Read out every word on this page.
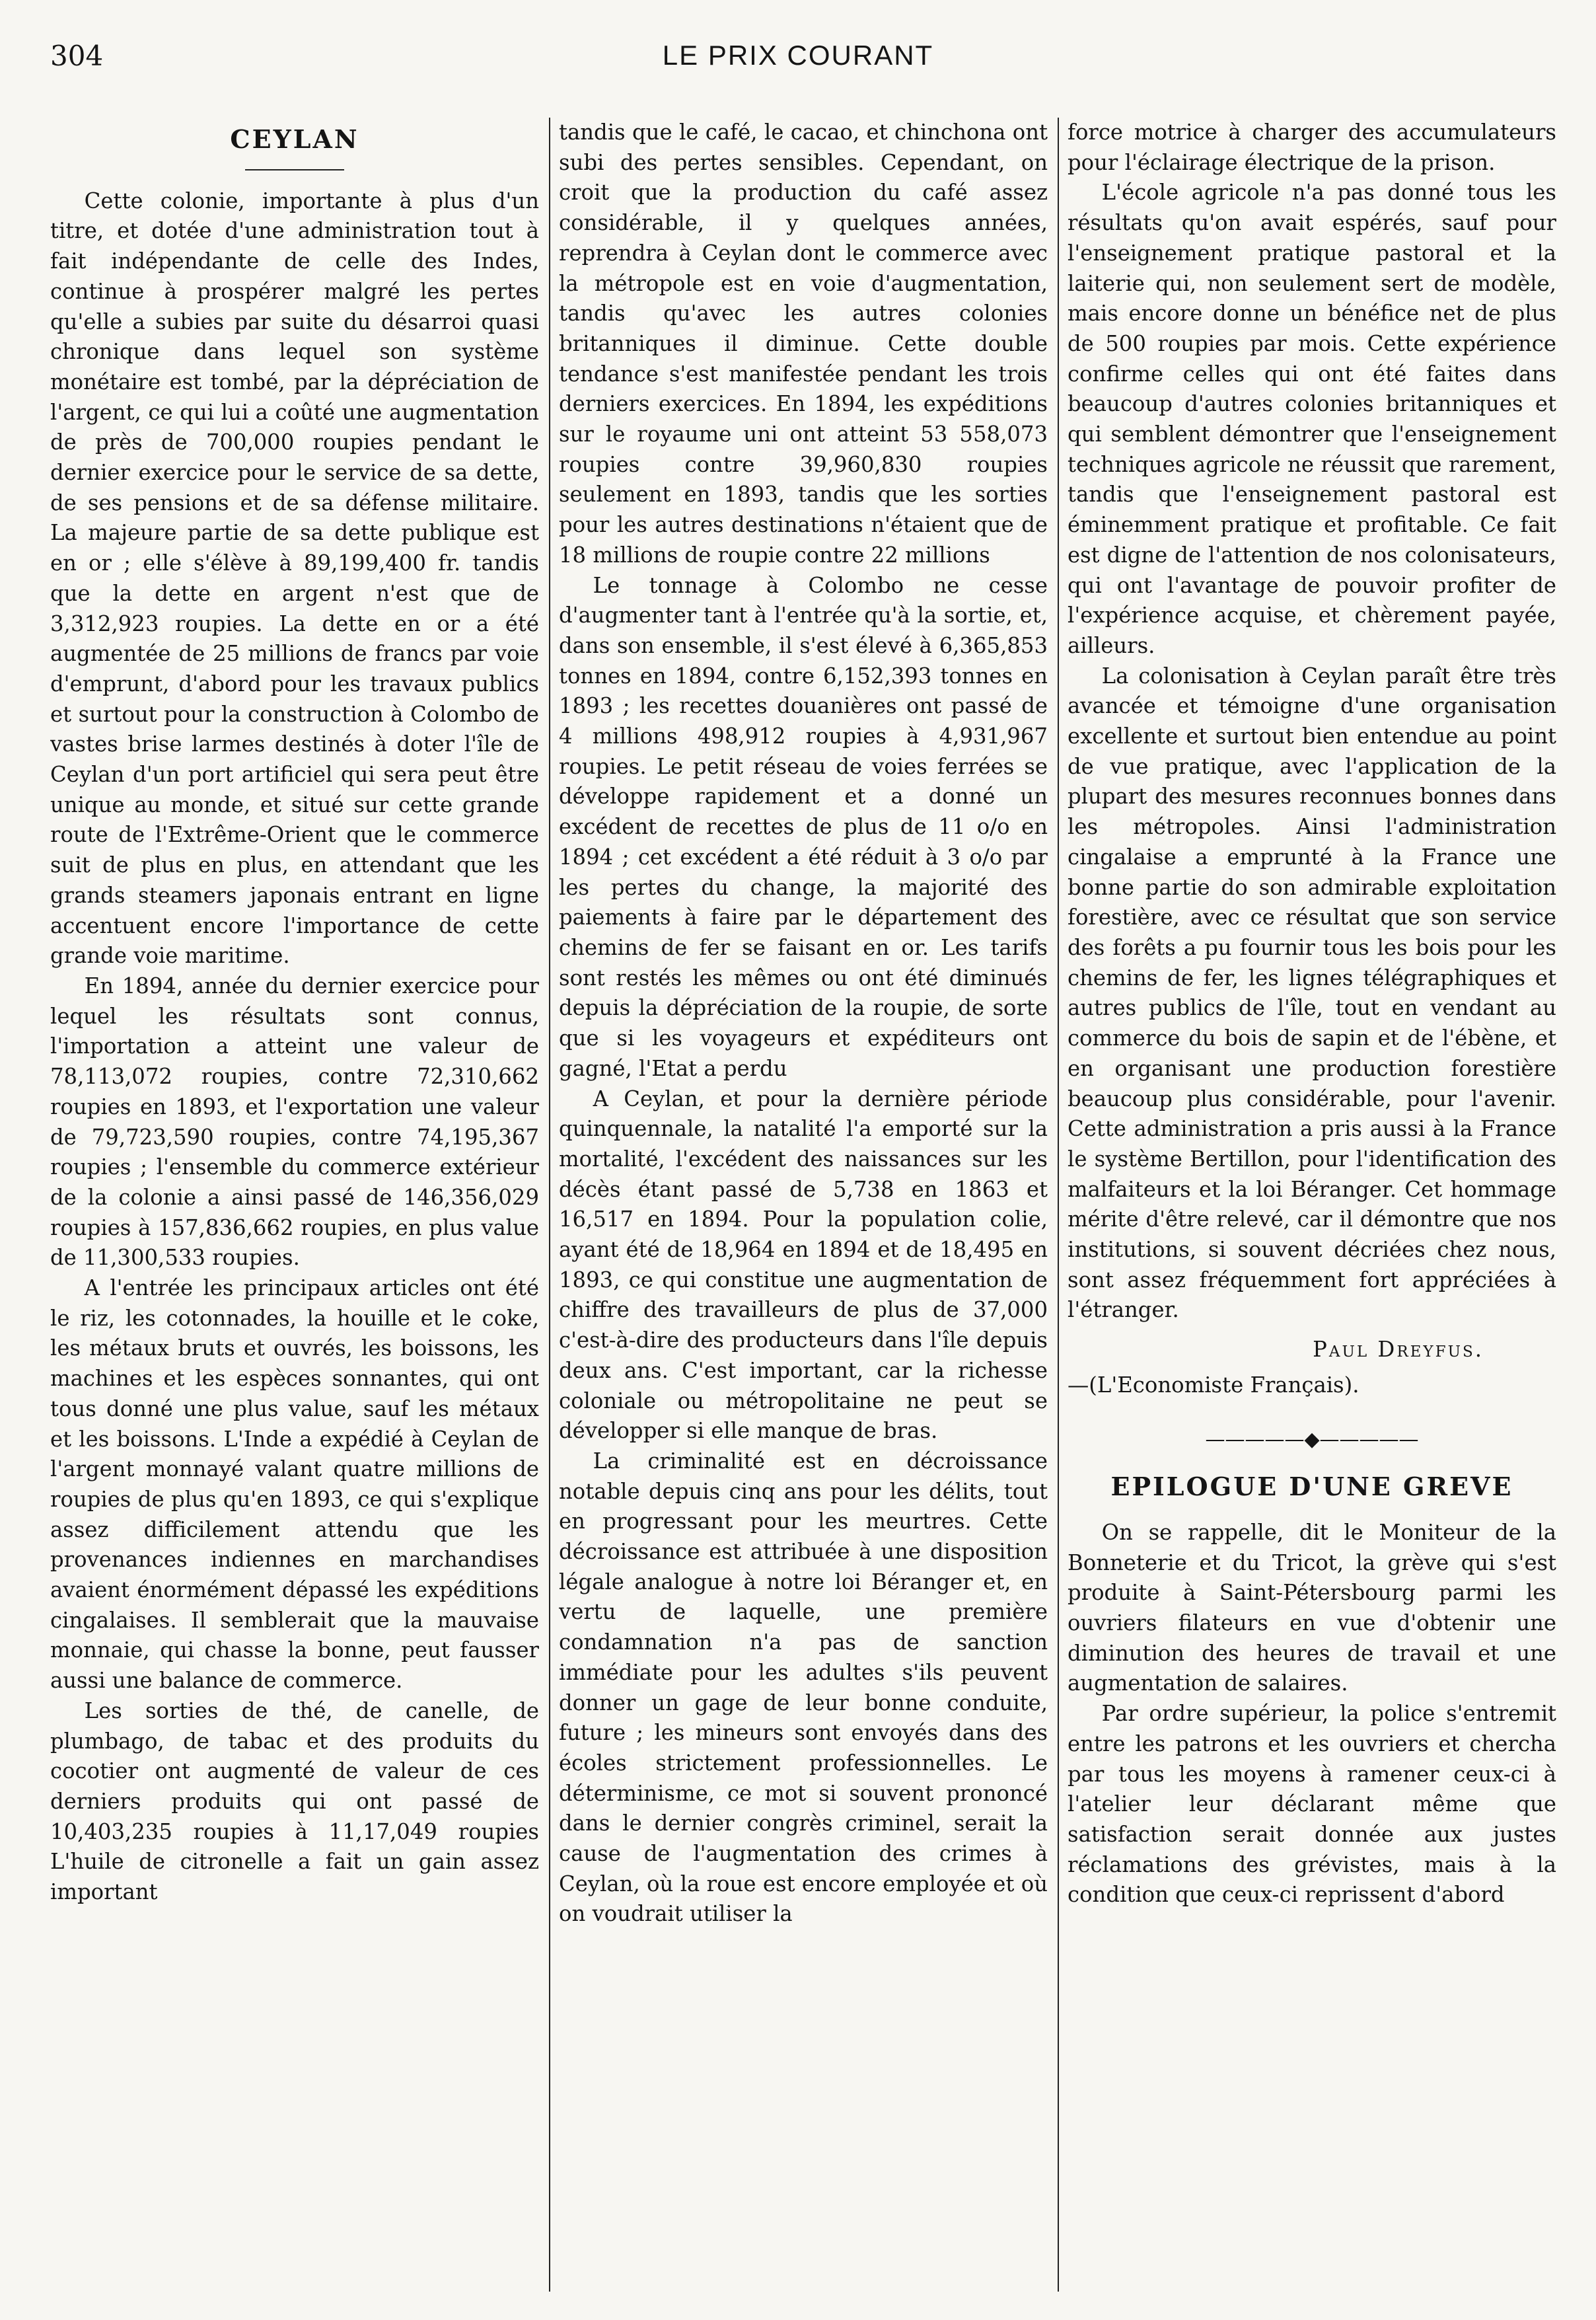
304	LE PRIX COURANT
CEYLAN

Cette colonie, importante à plus d'un titre, et dotée d'une administration tout à fait indépendante de celle des Indes, continue à prospérer malgré les pertes qu'elle a subies par suite du désarroi quasi chronique dans lequel son système monétaire est tombé, par la dépréciation de l'argent, ce qui lui a coûté une augmentation de près de 700,000 roupies pendant le dernier exercice pour le service de sa dette, de ses pensions et de sa défense militaire. La majeure partie de sa dette publique est en or ; elle s'élève à 89,199,400 fr. tandis que la dette en argent n'est que de 3,312,923 roupies. La dette en or a été augmentée de 25 millions de francs par voie d'emprunt, d'abord pour les travaux publics et surtout pour la construction à Colombo de vastes brise larmes destinés à doter l'île de Ceylan d'un port artificiel qui sera peut être unique au monde, et situé sur cette grande route de l'Extrême-Orient que le commerce suit de plus en plus, en attendant que les grands steamers japonais entrant en ligne accentuent encore l'importance de cette grande voie maritime.

En 1894, année du dernier exercice pour lequel les résultats sont connus, l'importation a atteint une valeur de 78,113,072 roupies, contre 72,310,662 roupies en 1893, et l'exportation une valeur de 79,723,590 roupies, contre 74,195,367 roupies ; l'ensemble du commerce extérieur de la colonie a ainsi passé de 146,356,029 roupies à 157,836,662 roupies, en plus value de 11,300,533 roupies.

A l'entrée les principaux articles ont été le riz, les cotonnades, la houille et le coke, les métaux bruts et ouvrés, les boissons, les machines et les espèces sonnantes, qui ont tous donné une plus value, sauf les métaux et les boissons. L'Inde a expédié à Ceylan de l'argent monnayé valant quatre millions de roupies de plus qu'en 1893, ce qui s'explique assez difficilement attendu que les provenances indiennes en marchandises avaient énormément dépassé les expéditions cingalaises. Il semblerait que la mauvaise monnaie, qui chasse la bonne, peut fausser aussi une balance de commerce.

Les sorties de thé, de canelle, de plumbago, de tabac et des produits du cocotier ont augmenté de valeur de ces derniers produits qui ont passé de 10,403,235 roupies à 11,17,049 roupies L'huile de citronelle a fait un gain assez important

tandis que le café, le cacao, et chinchona ont subi des pertes sensibles. Cependant, on croit que la production du café assez considérable, il y quelques années, reprendra à Ceylan dont le commerce avec la métropole est en voie d'augmentation, tandis qu'avec les autres colonies britanniques il diminue. Cette double tendance s'est manifestée pendant les trois derniers exercices. En 1894, les expéditions sur le royaume uni ont atteint 53 558,073 roupies contre 39,960,830 roupies seulement en 1893, tandis que les sorties pour les autres destinations n'étaient que de 18 millions de roupie contre 22 millions

Le tonnage à Colombo ne cesse d'augmenter tant à l'entrée qu'à la sortie, et, dans son ensemble, il s'est élevé à 6,365,853 tonnes en 1894, contre 6,152,393 tonnes en 1893 ; les recettes douanières ont passé de 4 millions 498,912 roupies à 4,931,967 roupies. Le petit réseau de voies ferrées se développe rapidement et a donné un excédent de recettes de plus de 11 o/o en 1894 ; cet excédent a été réduit à 3 o/o par les pertes du change, la majorité des paiements à faire par le département des chemins de fer se faisant en or. Les tarifs sont restés les mêmes ou ont été diminués depuis la dépréciation de la roupie, de sorte que si les voyageurs et expéditeurs ont gagné, l'Etat a perdu

A Ceylan, et pour la dernière période quinquennale, la natalité l'a emporté sur la mortalité, l'excédent des naissances sur les décès étant passé de 5,738 en 1863 et 16,517 en 1894. Pour la population colie, ayant été de 18,964 en 1894 et de 18,495 en 1893, ce qui constitue une augmentation de chiffre des travailleurs de plus de 37,000 c'est-à-dire des producteurs dans l'île depuis deux ans. C'est important, car la richesse coloniale ou métropolitaine ne peut se développer si elle manque de bras.

La criminalité est en décroissance notable depuis cinq ans pour les délits, tout en progressant pour les meurtres. Cette décroissance est attribuée à une disposition légale analogue à notre loi Béranger et, en vertu de laquelle, une première condamnation n'a pas de sanction immédiate pour les adultes s'ils peuvent donner un gage de leur bonne conduite, future ; les mineurs sont envoyés dans des écoles strictement professionnelles. Le déterminisme, ce mot si souvent prononcé dans le dernier congrès criminel, serait la cause de l'augmentation des crimes à Ceylan, où la roue est encore employée et où on voudrait utiliser la

force motrice à charger des accumulateurs pour l'éclairage électrique de la prison.

L'école agricole n'a pas donné tous les résultats qu'on avait espérés, sauf pour l'enseignement pratique pastoral et la laiterie qui, non seulement sert de modèle, mais encore donne un bénéfice net de plus de 500 roupies par mois. Cette expérience confirme celles qui ont été faites dans beaucoup d'autres colonies britanniques et qui semblent démontrer que l'enseignement techniques agricole ne réussit que rarement, tandis que l'enseignement pastoral est éminemment pratique et profitable. Ce fait est digne de l'attention de nos colonisateurs, qui ont l'avantage de pouvoir profiter de l'expérience acquise, et chèrement payée, ailleurs.

La colonisation à Ceylan paraît être très avancée et témoigne d'une organisation excellente et surtout bien entendue au point de vue pratique, avec l'application de la plupart des mesures reconnues bonnes dans les métropoles. Ainsi l'administration cingalaise a emprunté à la France une bonne partie do son admirable exploitation forestière, avec ce résultat que son service des forêts a pu fournir tous les bois pour les chemins de fer, les lignes télégraphiques et autres publics de l'île, tout en vendant au commerce du bois de sapin et de l'ébène, et en organisant une production forestière beaucoup plus considérable, pour l'avenir. Cette administration a pris aussi à la France le système Bertillon, pour l'identification des malfaiteurs et la loi Béranger. Cet hommage mérite d'être relevé, car il démontre que nos institutions, si souvent décriées chez nous, sont assez fréquemment fort appréciées à l'étranger.

Paul Dreyfus.

—(L'Economiste Français).

—————◆—————
EPILOGUE D'UNE GREVE

On se rappelle, dit le Moniteur de la Bonneterie et du Tricot, la grève qui s'est produite à Saint-Pétersbourg parmi les ouvriers filateurs en vue d'obtenir une diminution des heures de travail et une augmentation de salaires.

Par ordre supérieur, la police s'entremit entre les patrons et les ouvriers et chercha par tous les moyens à ramener ceux-ci à l'atelier leur déclarant même que satisfaction serait donnée aux justes réclamations des grévistes, mais à la condition que ceux-ci reprissent d'abord
